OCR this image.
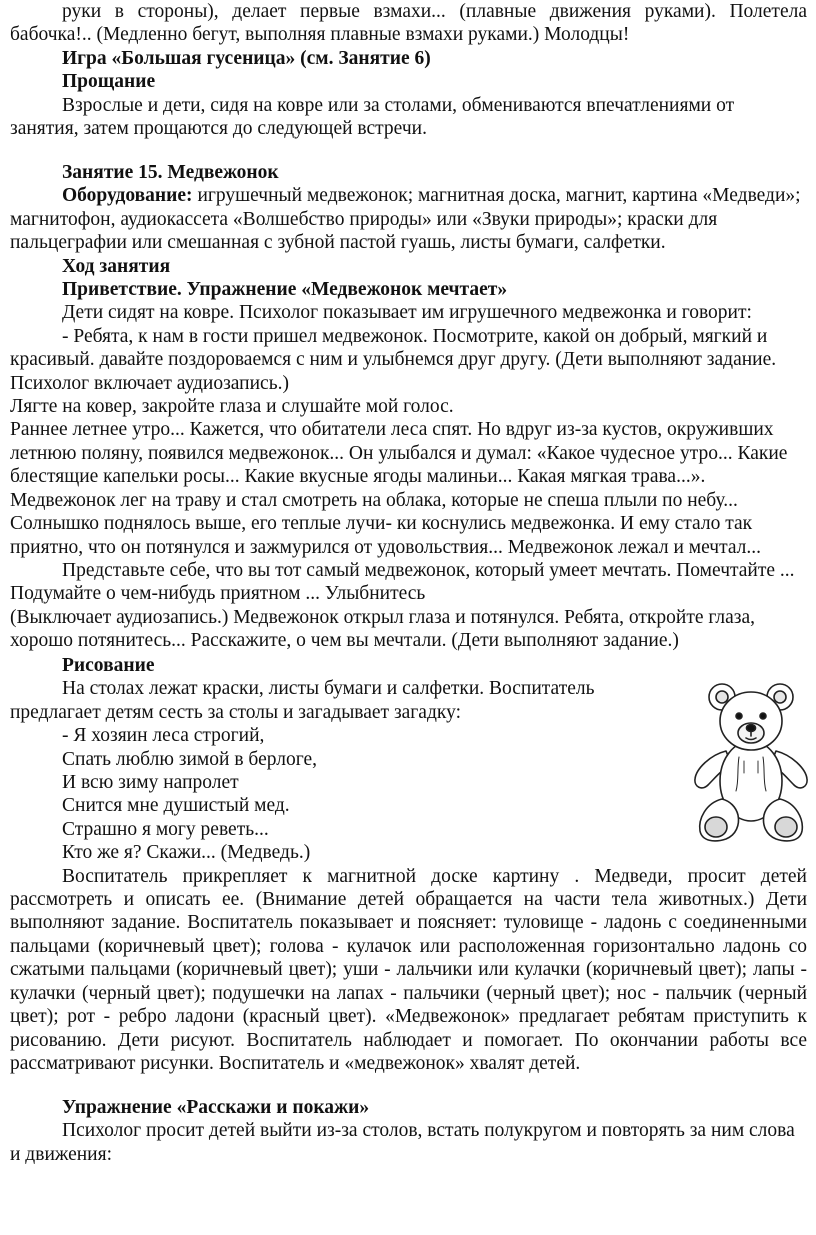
руки в стороны), делает первые взмахи... (плавные движения руками). Полетела бабочка!.. (Медленно бегут, выполняя плавные взмахи руками.) Молодцы!

Игра «Большая гусеница» (см. Занятие 6)

Прощание

Взрослые и дети, сидя на ковре или за столами, обмениваются впечатлениями от занятия, затем прощаются до следующей встречи.

Занятие 15. Медвежонок

Оборудование: игрушечный медвежонок; магнитная доска, магнит, картина «Медведи»; магнитофон, аудиокассета «Волшебство природы» или «Звуки природы»; краски для пальцеграфии или смешанная с зубной пастой гуашь, листы бумаги, салфетки.

Ход занятия

Приветствие. Упражнение «Медвежонок мечтает»

Дети сидят на ковре. Психолог показывает им игрушечного медвежонка и говорит:

- Ребята, к нам в гости пришел медвежонок. Посмотрите, какой он добрый, мягкий и красивый. давайте поздороваемся с ним и улыбнемся друг другу. (Дети выполняют задание. Психолог включает аудиозапись.)

Лягте на ковер, закройте глаза и слушайте мой голос.

Раннее летнее утро... Кажется, что обитатели леса спят. Но вдруг из-за кустов, окруживших летнюю поляну, появился медвежонок... Он улыбался и думал: «Какое чудесное утро... Какие блестящие капельки росы... Какие вкусные ягоды малиньи... Какая мягкая трава...». Медвежонок лег на траву и стал смотреть на облака, которые не спеша плыли по небу... Солнышко поднялось выше, его теплые лучи- ки коснулись медвежонка. И ему стало так приятно, что он потянулся и зажмурился от удовольствия... Медвежонок лежал и мечтал...

Представьте себе, что вы тот самый медвежонок, который умеет мечтать. Помечтайте ... Подумайте о чем-нибудь приятном ... Улыбнитесь

(Выключает аудиозапись.) Медвежонок открыл глаза и потянулся. Ребята, откройте глаза, хорошо потянитесь... Расскажите, о чем вы мечтали. (Дети выполняют задание.)

Рисование

На столах лежат краски, листы бумаги и салфетки. Воспитатель

предлагает детям сесть за столы и загадывает загадку:

- Я хозяин леса строгий,

Спать люблю зимой в берлоге,

И всю зиму напролет

Снится мне душистый мед.

Страшно я могу реветь...

Кто же я? Скажи... (Медведь.)

Воспитатель прикрепляет к магнитной доске картину . Медведи, просит детей рассмотреть и описать ее. (Внимание детей обращается на части тела животных.) Дети выполняют задание. Воспитатель показывает и поясняет: туловище - ладонь с соединенными пальцами (коричневый цвет); голова - кулачок или расположенная горизонтально ладонь со сжатыми пальцами (коричневый цвет); уши - лальчики или кулачки (коричневый цвет); лапы - кулачки (черный цвет); подушечки на лапах - пальчики (черный цвет); нос - пальчик (черный цвет); рот - ребро ладони (красный цвет). «Медвежонок» предлагает ребятам приступить к рисованию. Дети рисуют. Воспитатель наблюдает и помогает. По окончании работы все рассматривают рисунки. Воспитатель и «медвежонок» хвалят детей.

Упражнение «Расскажи и покажи»

Психолог просит детей выйти из-за столов, встать полукругом и повторять за ним слова и движения:
